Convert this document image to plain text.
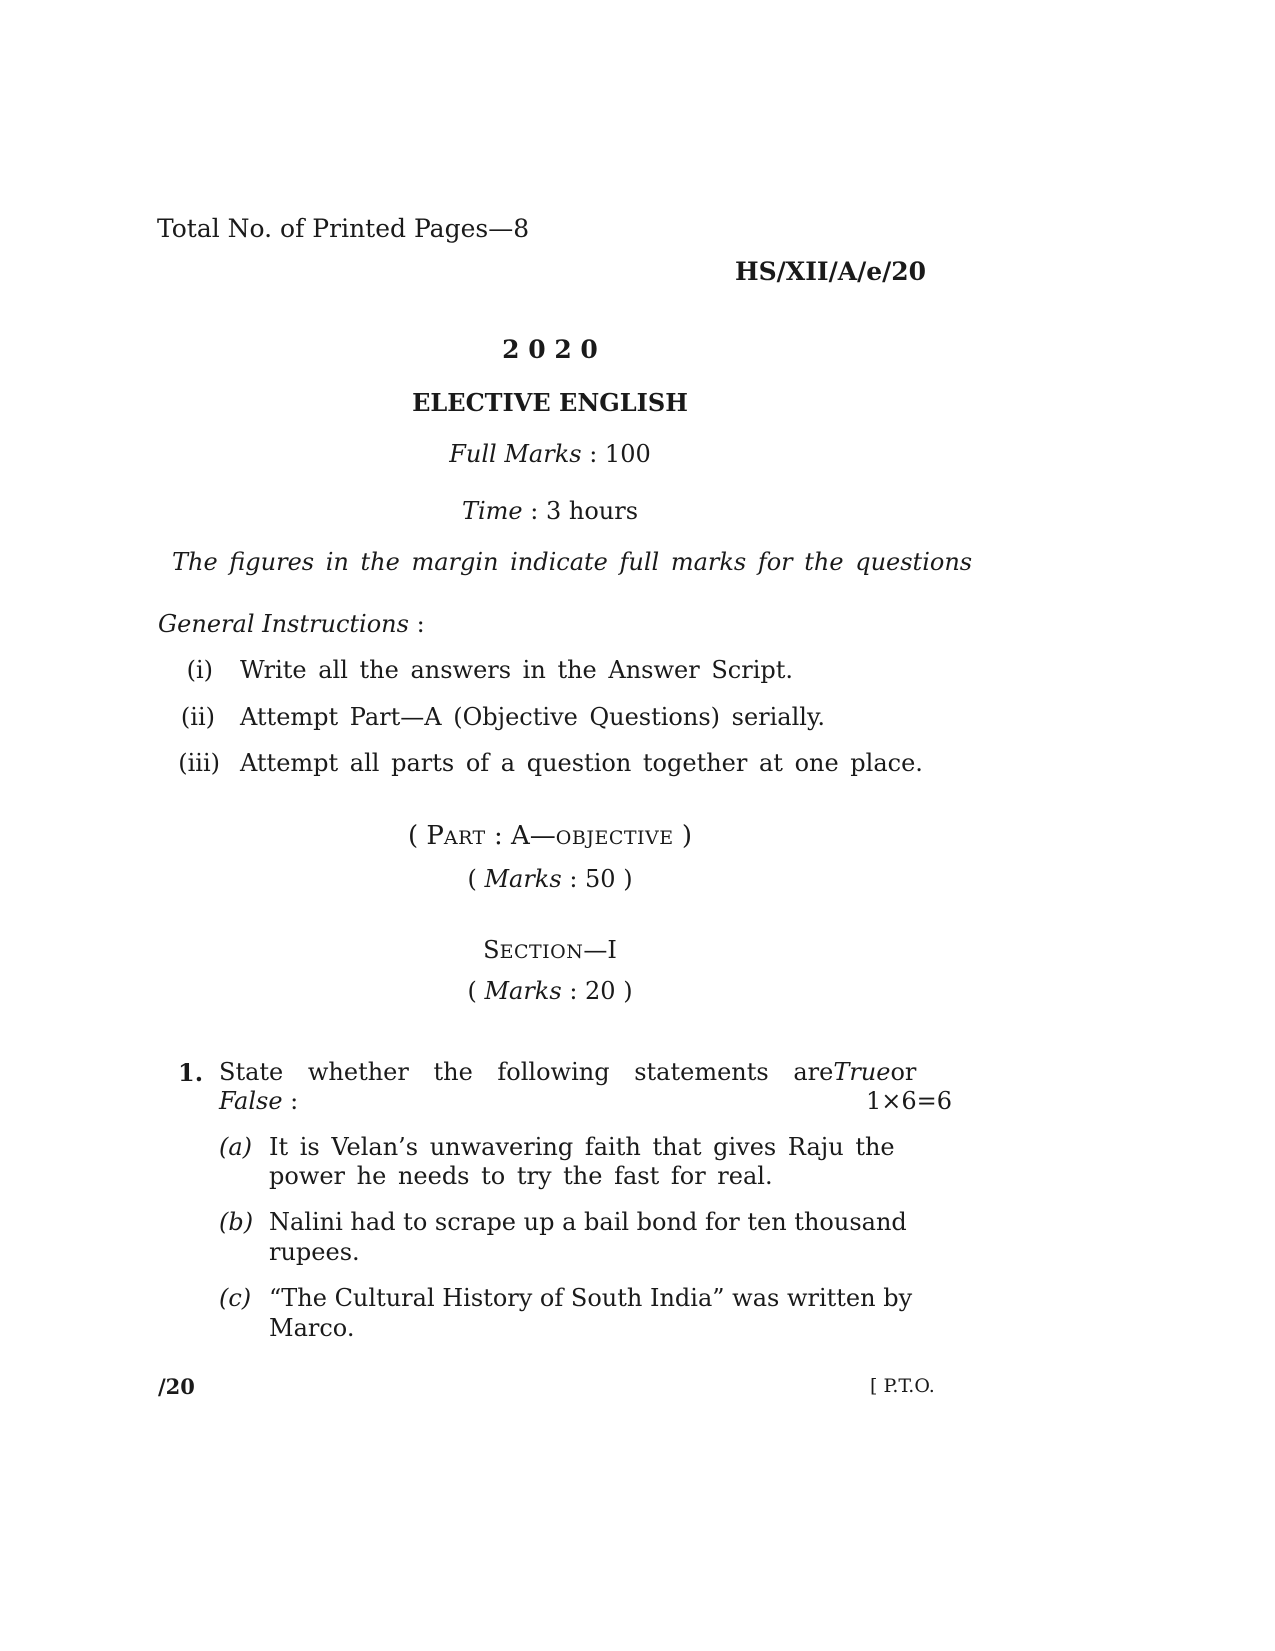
Total No. of Printed Pages—8
HS/XII/A/e/20
2 0 2 0
ELECTIVE ENGLISH
Full Marks : 100
Time : 3 hours
The figures in the margin indicate full marks for the questions
General Instructions :
(i) Write all the answers in the Answer Script.
(ii) Attempt Part—A (Objective Questions) serially.
(iii) Attempt all parts of a question together at one place.
( PART : A—OBJECTIVE )
( Marks : 50 )
SECTION—I
( Marks : 20 )
1. State whether the following statements are True or
False :	1×6=6
(a) It is Velan’s unwavering faith that gives Raju the
power he needs to try the fast for real.
(b) Nalini had to scrape up a bail bond for ten thousand
rupees.
(c) “The Cultural History of South India” was written by
Marco.
/20	[ P.T.O.
